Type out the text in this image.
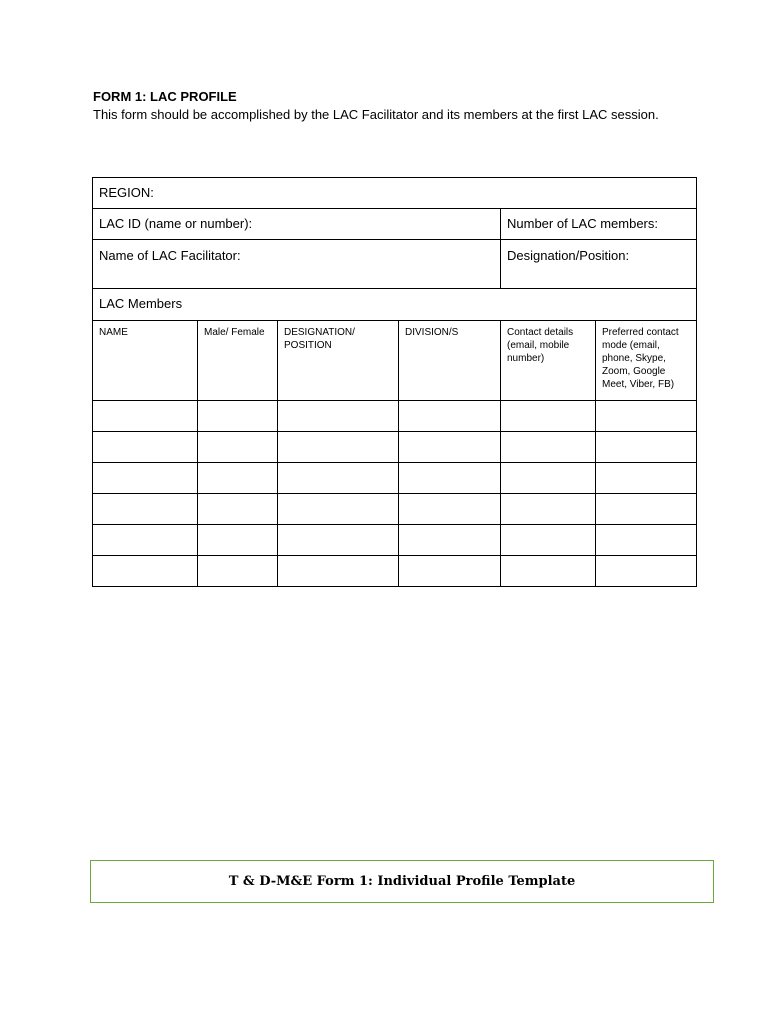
FORM 1: LAC PROFILE
This form should be accomplished by the LAC Facilitator and its members at the first LAC session.
REGION:					

LAC ID (name or number):				Number of LAC members:	

Name of LAC Facilitator:				Designation/Position:	

LAC Members					

NAME	Male/ Female	DESIGNATION/ POSITION	DIVISION/S	Contact details (email, mobile number)	Preferred contact mode (email, phone, Skype, Zoom, Google Meet, Viber, FB)

T & D-M&E Form 1: Individual Profile Template
